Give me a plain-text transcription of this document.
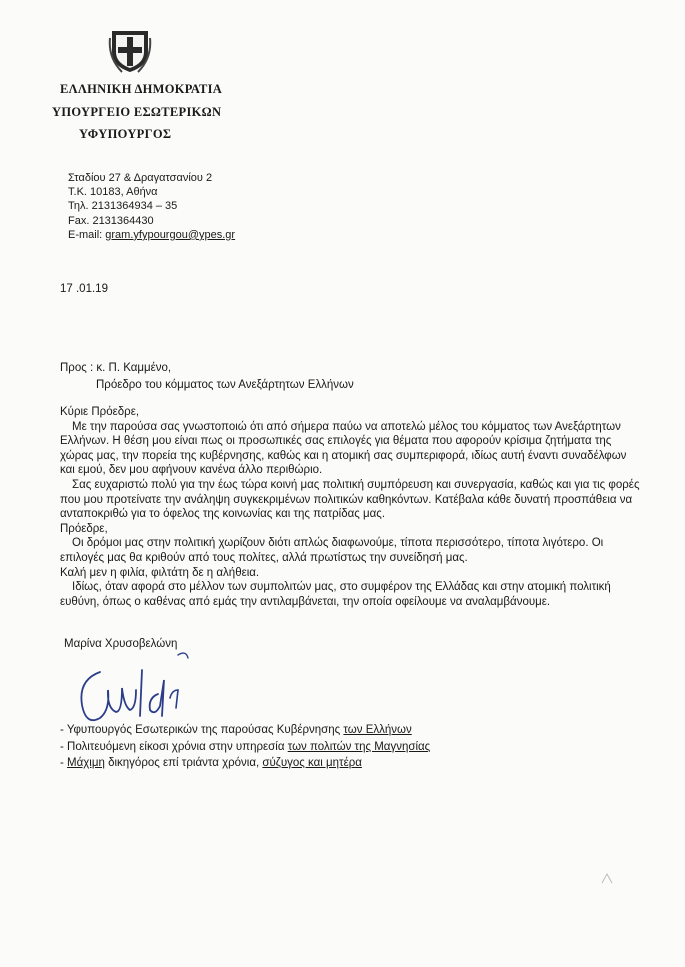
ΕΛΛΗΝΙΚΗ ΔΗΜΟΚΡΑΤΙΑ
ΥΠΟΥΡΓΕΙΟ ΕΣΩΤΕΡΙΚΩΝ
ΥΦΥΠΟΥΡΓΟΣ
Σταδίου 27 & Δραγατσανίου 2
Τ.Κ. 10183, Αθήνα
Τηλ. 2131364934 – 35
Fax. 2131364430
E-mail: gram.yfypourgou@ypes.gr
17 .01.19
Προς : κ. Π. Καμμένο,
Πρόεδρο του κόμματος των Ανεξάρτητων Ελλήνων

Κύριε Πρόεδρε,

Με την παρούσα σας γνωστοποιώ ότι από σήμερα παύω να αποτελώ μέλος του κόμματος των Ανεξάρτητων Ελλήνων. Η θέση μου είναι πως οι προσωπικές σας επιλογές για θέματα που αφορούν κρίσιμα ζητήματα της χώρας μας, την πορεία της κυβέρνησης, καθώς και η ατομική σας συμπεριφορά, ιδίως αυτή έναντι συναδέλφων και εμού, δεν μου αφήνουν κανένα άλλο περιθώριο.

Σας ευχαριστώ πολύ για την έως τώρα κοινή μας πολιτική συμπόρευση και συνεργασία, καθώς και για τις φορές που μου προτείνατε την ανάληψη συγκεκριμένων πολιτικών καθηκόντων. Κατέβαλα κάθε δυνατή προσπάθεια να ανταποκριθώ για το όφελος της κοινωνίας και της πατρίδας μας.

Πρόεδρε,

Οι δρόμοι μας στην πολιτική χωρίζουν διότι απλώς διαφωνούμε, τίποτα περισσότερο, τίποτα λιγότερο. Οι επιλογές μας θα κριθούν από τους πολίτες, αλλά πρωτίστως την συνείδησή μας.

Καλή μεν η φιλία, φιλτάτη δε η αλήθεια.

Ιδίως, όταν αφορά στο μέλλον των συμπολιτών μας, στο συμφέρον της Ελλάδας και στην ατομική πολιτική ευθύνη, όπως ο καθένας από εμάς την αντιλαμβάνεται, την οποία οφείλουμε να αναλαμβάνουμε.

Μαρίνα Χρυσοβελώνη
- Υφυπουργός Εσωτερικών της παρούσας Κυβέρνησης των Ελλήνων
- Πολιτευόμενη είκοσι χρόνια στην υπηρεσία των πολιτών της Μαγνησίας
- Μάχιμη δικηγόρος επί τριάντα χρόνια, σύζυγος και μητέρα
